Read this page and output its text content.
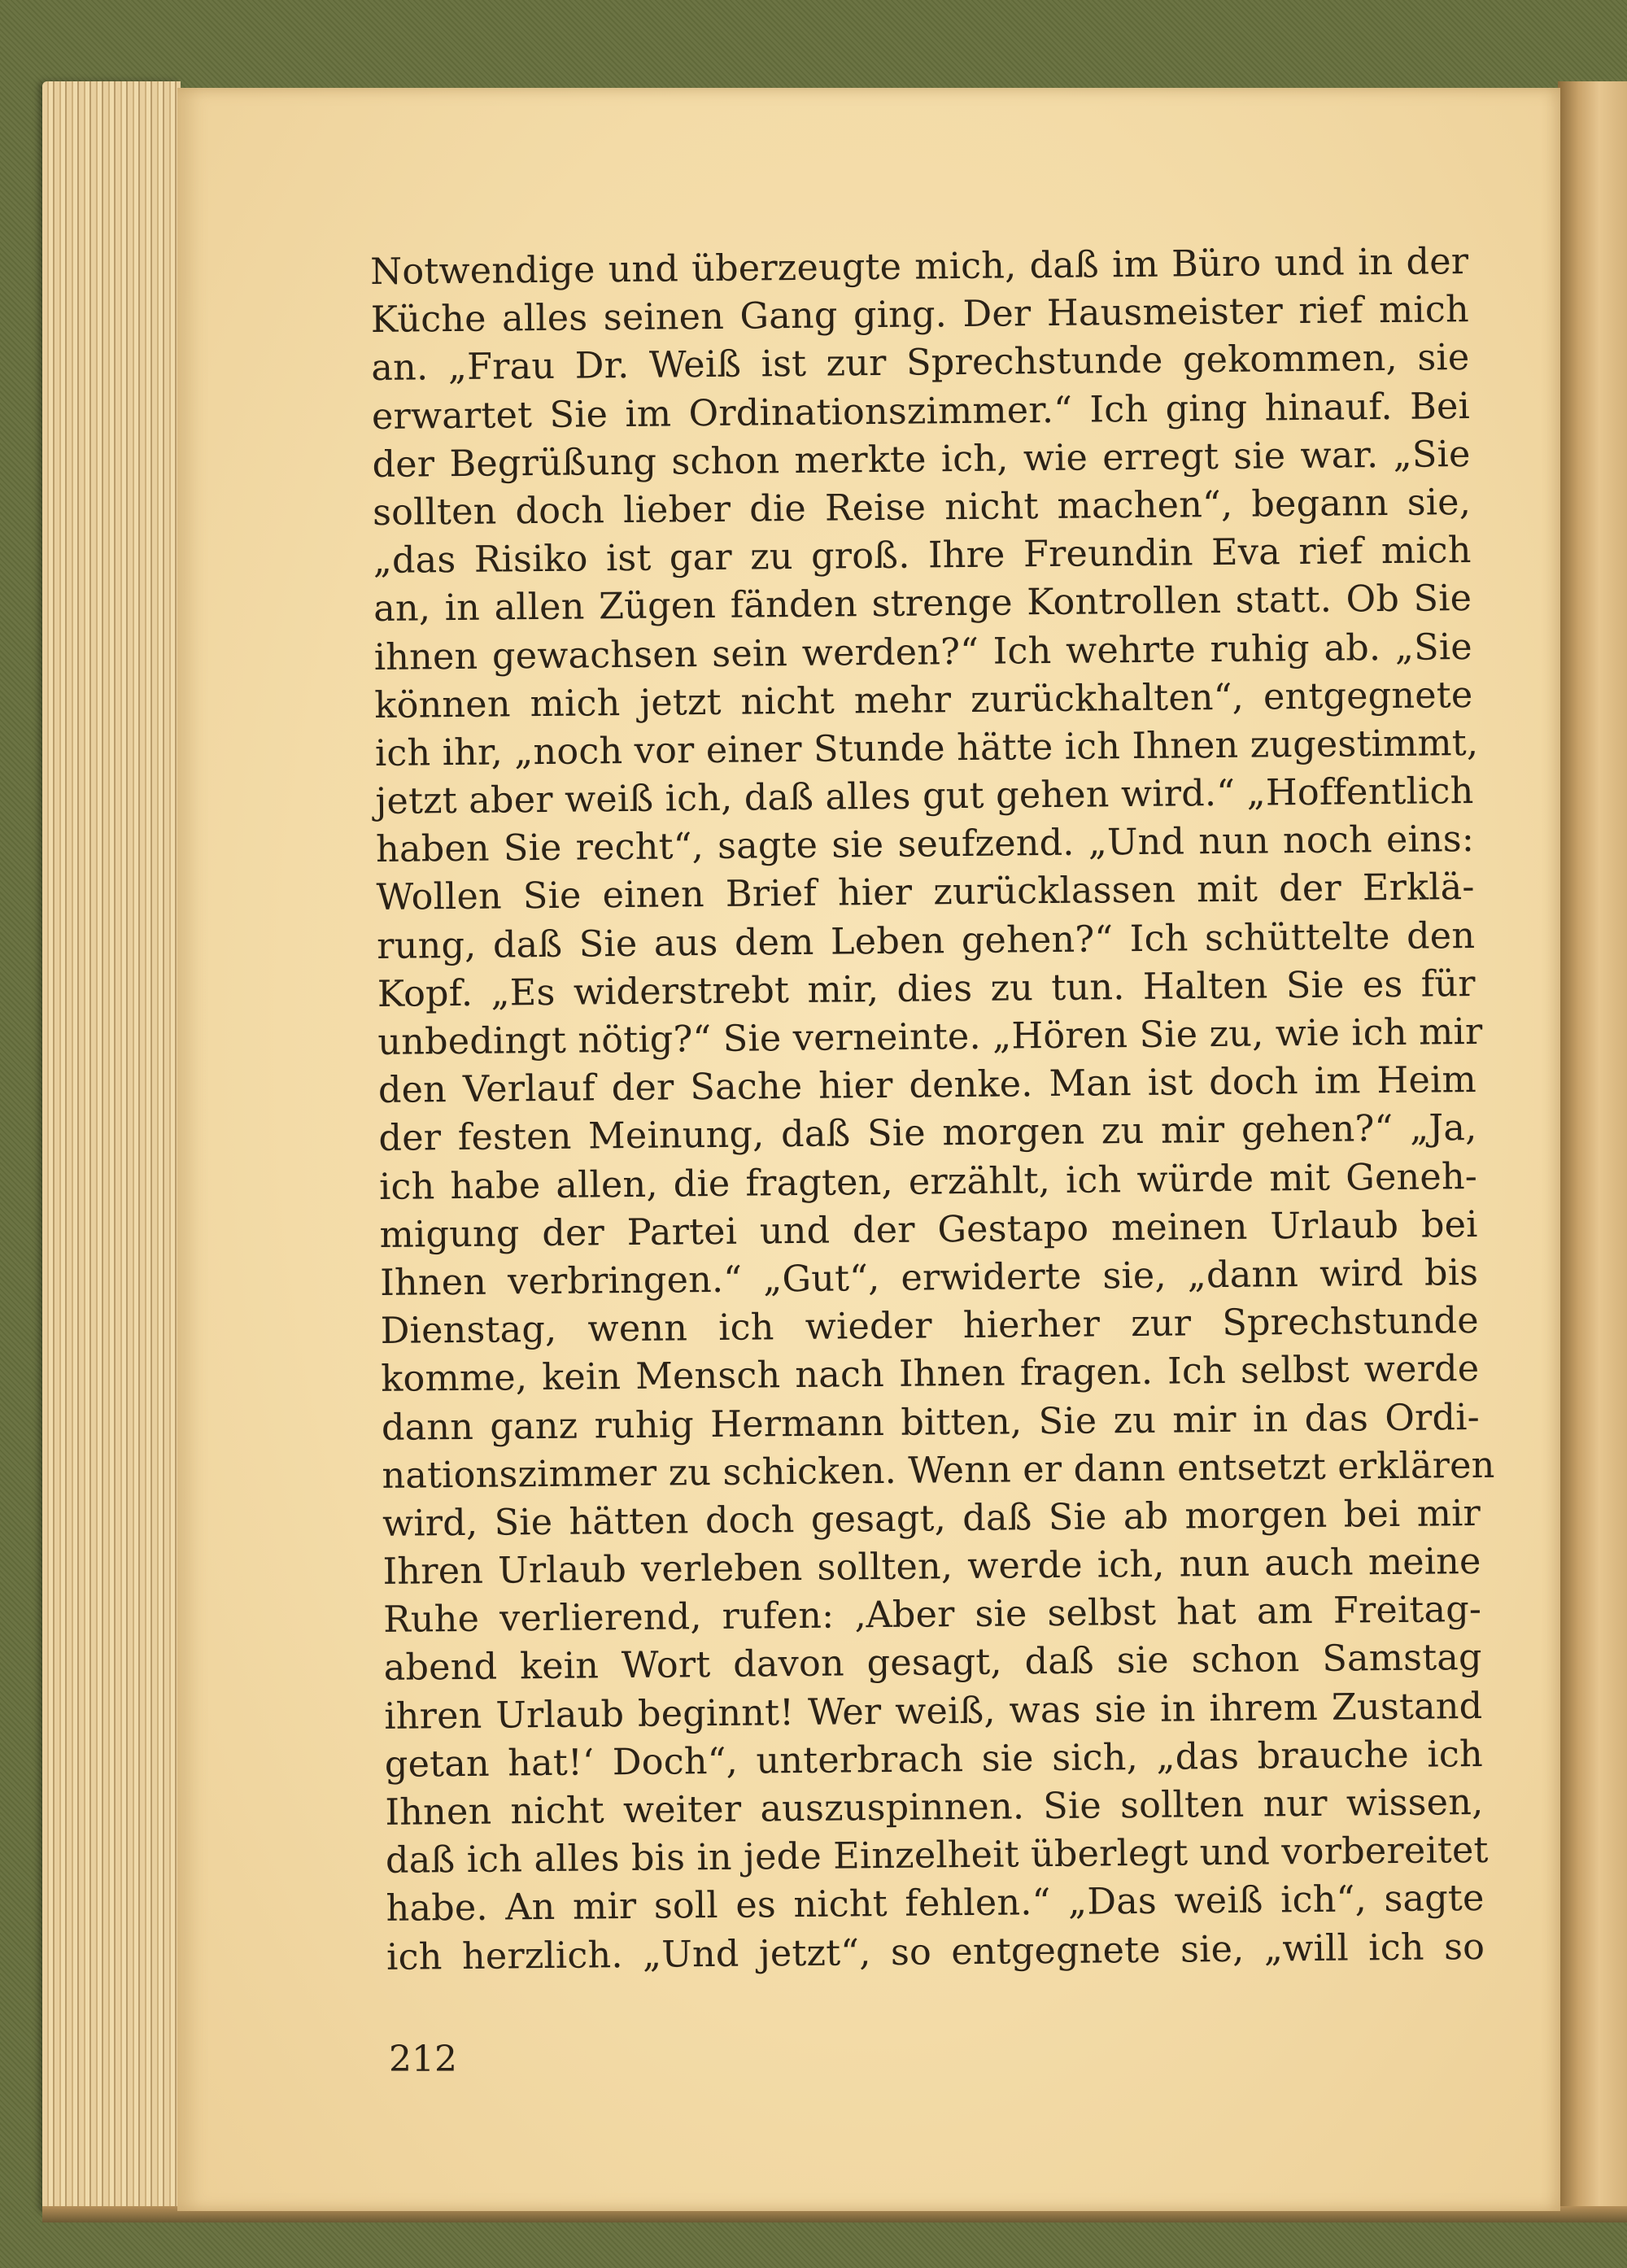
Notwendige und überzeugte mich, daß im Büro und in der
Küche alles seinen Gang ging. Der Hausmeister rief mich
an. „Frau Dr. Weiß ist zur Sprechstunde gekommen, sie
erwartet Sie im Ordinationszimmer.“ Ich ging hinauf. Bei
der Begrüßung schon merkte ich, wie erregt sie war. „Sie
sollten doch lieber die Reise nicht machen“, begann sie,
„das Risiko ist gar zu groß. Ihre Freundin Eva rief mich
an, in allen Zügen fänden strenge Kontrollen statt. Ob Sie
ihnen gewachsen sein werden?“ Ich wehrte ruhig ab. „Sie
können mich jetzt nicht mehr zurückhalten“, entgegnete
ich ihr, „noch vor einer Stunde hätte ich Ihnen zugestimmt,
jetzt aber weiß ich, daß alles gut gehen wird.“ „Hoffentlich
haben Sie recht“, sagte sie seufzend. „Und nun noch eins:
Wollen Sie einen Brief hier zurücklassen mit der Erklä-
rung, daß Sie aus dem Leben gehen?“ Ich schüttelte den
Kopf. „Es widerstrebt mir, dies zu tun. Halten Sie es für
unbedingt nötig?“ Sie verneinte. „Hören Sie zu, wie ich mir
den Verlauf der Sache hier denke. Man ist doch im Heim
der festen Meinung, daß Sie morgen zu mir gehen?“ „Ja,
ich habe allen, die fragten, erzählt, ich würde mit Geneh-
migung der Partei und der Gestapo meinen Urlaub bei
Ihnen verbringen.“ „Gut“, erwiderte sie, „dann wird bis
Dienstag, wenn ich wieder hierher zur Sprechstunde
komme, kein Mensch nach Ihnen fragen. Ich selbst werde
dann ganz ruhig Hermann bitten, Sie zu mir in das Ordi-
nationszimmer zu schicken. Wenn er dann entsetzt erklären
wird, Sie hätten doch gesagt, daß Sie ab morgen bei mir
Ihren Urlaub verleben sollten, werde ich, nun auch meine
Ruhe verlierend, rufen: ‚Aber sie selbst hat am Freitag-
abend kein Wort davon gesagt, daß sie schon Samstag
ihren Urlaub beginnt! Wer weiß, was sie in ihrem Zustand
getan hat!‘ Doch“, unterbrach sie sich, „das brauche ich
Ihnen nicht weiter auszuspinnen. Sie sollten nur wissen,
daß ich alles bis in jede Einzelheit überlegt und vorbereitet
habe. An mir soll es nicht fehlen.“ „Das weiß ich“, sagte
ich herzlich. „Und jetzt“, so entgegnete sie, „will ich so
212
